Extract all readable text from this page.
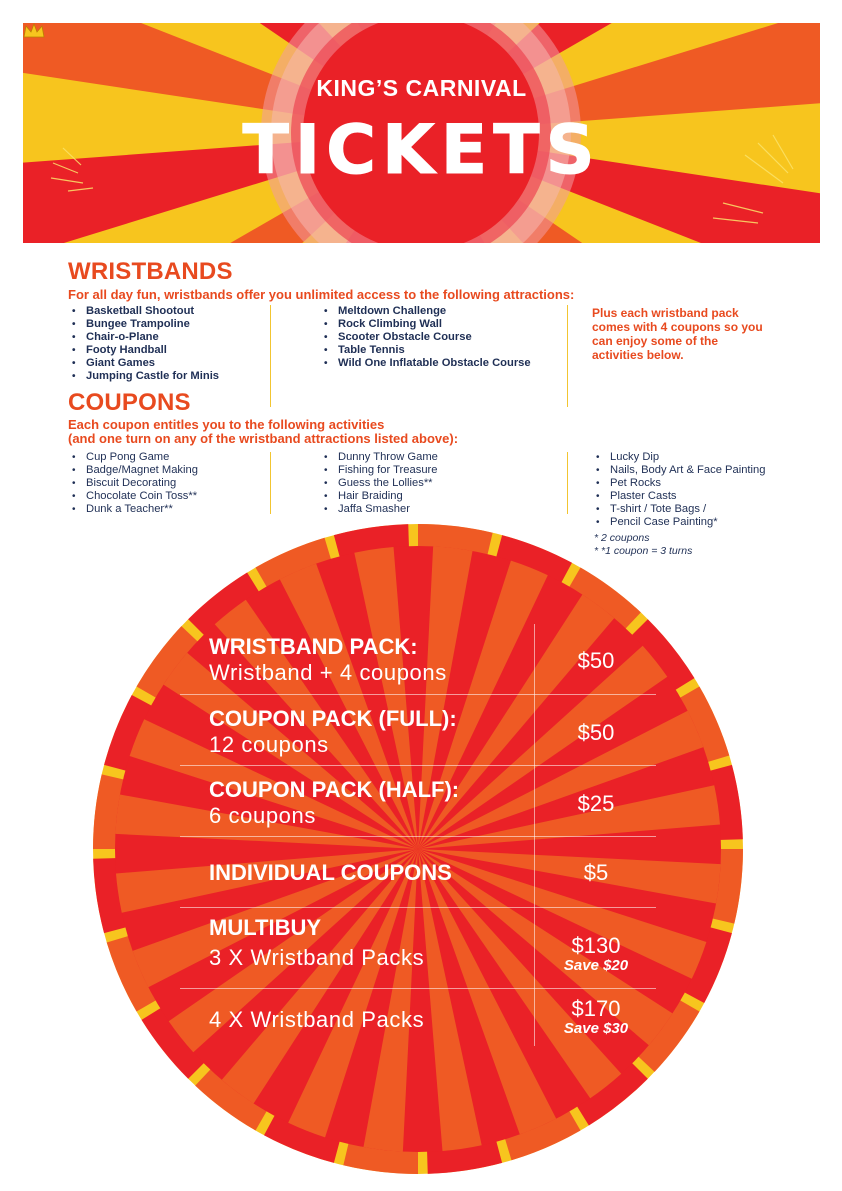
KING’S CARNIVAL
TICKETS
WRISTBANDS
For all day fun, wristbands offer you unlimited access to the following attractions:
• Basketball Shootout
• Bungee Trampoline
• Chair-o-Plane
• Footy Handball
• Giant Games
• Jumping Castle for Minis
• Meltdown Challenge
• Rock Climbing Wall
• Scooter Obstacle Course
• Table Tennis
• Wild One Inflatable Obstacle Course
Plus each wristband pack comes with 4 coupons so you can enjoy some of the activities below.
COUPONS
Each coupon entitles you to the following activities
(and one turn on any of the wristband attractions listed above):
• Cup Pong Game
• Badge/Magnet Making
• Biscuit Decorating
• Chocolate Coin Toss**
• Dunk a Teacher**
• Dunny Throw Game
• Fishing for Treasure
• Guess the Lollies**
• Hair Braiding
• Jaffa Smasher
• Lucky Dip
• Nails, Body Art & Face Painting
• Pet Rocks
• Plaster Casts
• T-shirt / Tote Bags /
• Pencil Case Painting*
* 2 coupons
* *1 coupon = 3 turns
WRISTBAND PACK:
Wristband + 4 coupons	$50
COUPON PACK (FULL):
12 coupons	$50
COUPON PACK (HALF):
6 coupons	$25
INDIVIDUAL COUPONS	$5
MULTIBUY
3 X Wristband Packs	$130
Save $20
4 X Wristband Packs	$170
Save $30
